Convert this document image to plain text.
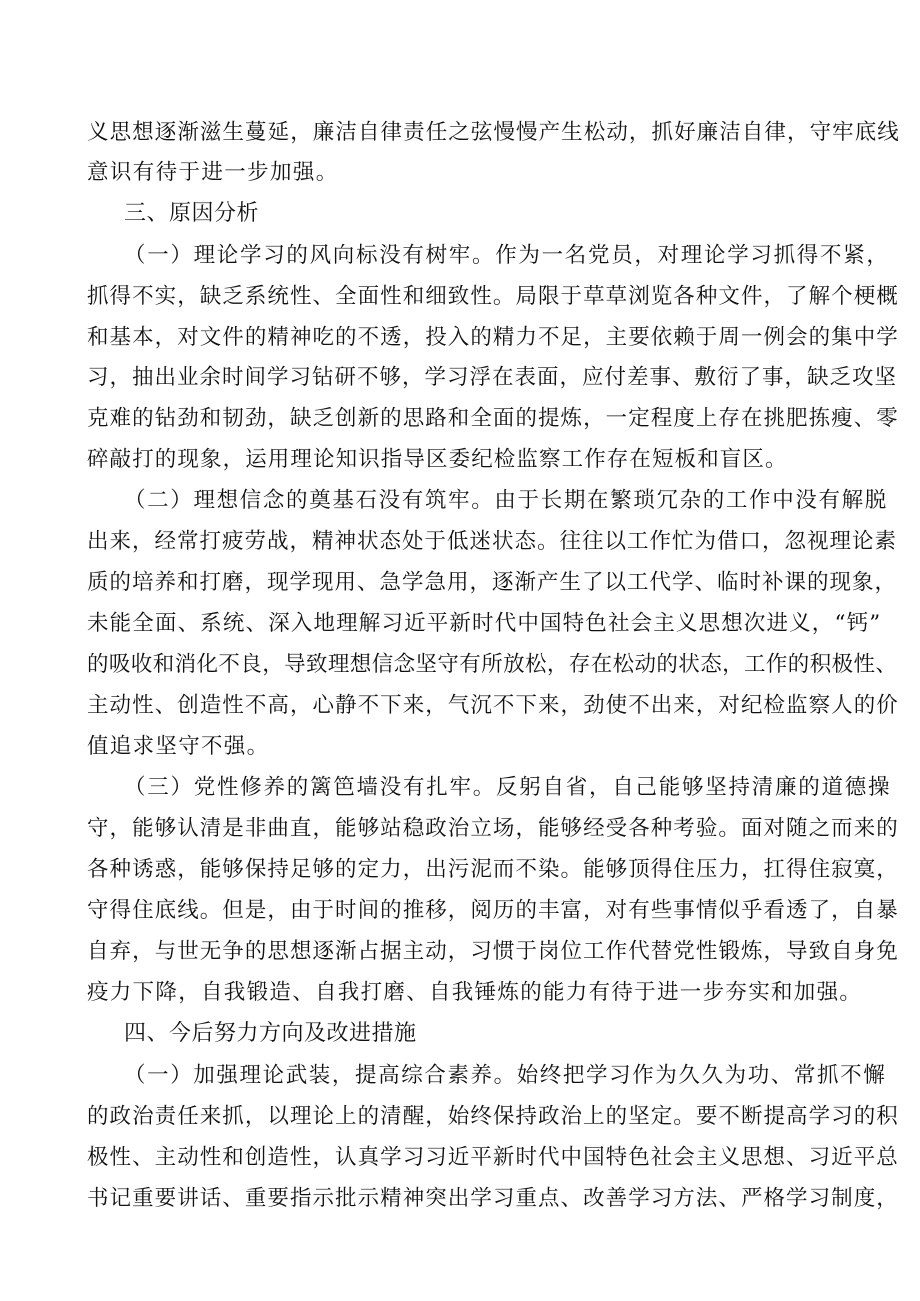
义思想逐渐滋生蔓延，廉洁自律责任之弦慢慢产生松动，抓好廉洁自律，守牢底线
意识有待于进一步加强。
三、原因分析
（一）理论学习的风向标没有树牢。作为一名党员，对理论学习抓得不紧，
抓得不实，缺乏系统性、全面性和细致性。局限于草草浏览各种文件，了解个梗概
和基本，对文件的精神吃的不透，投入的精力不足，主要依赖于周一例会的集中学
习，抽出业余时间学习钻研不够，学习浮在表面，应付差事、敷衍了事，缺乏攻坚
克难的钻劲和韧劲，缺乏创新的思路和全面的提炼，一定程度上存在挑肥拣瘦、零
碎敲打的现象，运用理论知识指导区委纪检监察工作存在短板和盲区。
（二）理想信念的奠基石没有筑牢。由于长期在繁琐冗杂的工作中没有解脱
出来，经常打疲劳战，精神状态处于低迷状态。往往以工作忙为借口，忽视理论素
质的培养和打磨，现学现用、急学急用，逐渐产生了以工代学、临时补课的现象，
未能全面、系统、深入地理解习近平新时代中国特色社会主义思想次进义，“钙”
的吸收和消化不良，导致理想信念坚守有所放松，存在松动的状态，工作的积极性、
主动性、创造性不高，心静不下来，气沉不下来，劲使不出来，对纪检监察人的价
值追求坚守不强。
（三）党性修养的篱笆墙没有扎牢。反躬自省，自己能够坚持清廉的道德操
守，能够认清是非曲直，能够站稳政治立场，能够经受各种考验。面对随之而来的
各种诱惑，能够保持足够的定力，出污泥而不染。能够顶得住压力，扛得住寂寞，
守得住底线。但是，由于时间的推移，阅历的丰富，对有些事情似乎看透了，自暴
自弃，与世无争的思想逐渐占据主动，习惯于岗位工作代替党性锻炼，导致自身免
疫力下降，自我锻造、自我打磨、自我锤炼的能力有待于进一步夯实和加强。
四、今后努力方向及改进措施
（一）加强理论武装，提高综合素养。始终把学习作为久久为功、常抓不懈
的政治责任来抓，以理论上的清醒，始终保持政治上的坚定。要不断提高学习的积
极性、主动性和创造性，认真学习习近平新时代中国特色社会主义思想、习近平总
书记重要讲话、重要指示批示精神突出学习重点、改善学习方法、严格学习制度，
